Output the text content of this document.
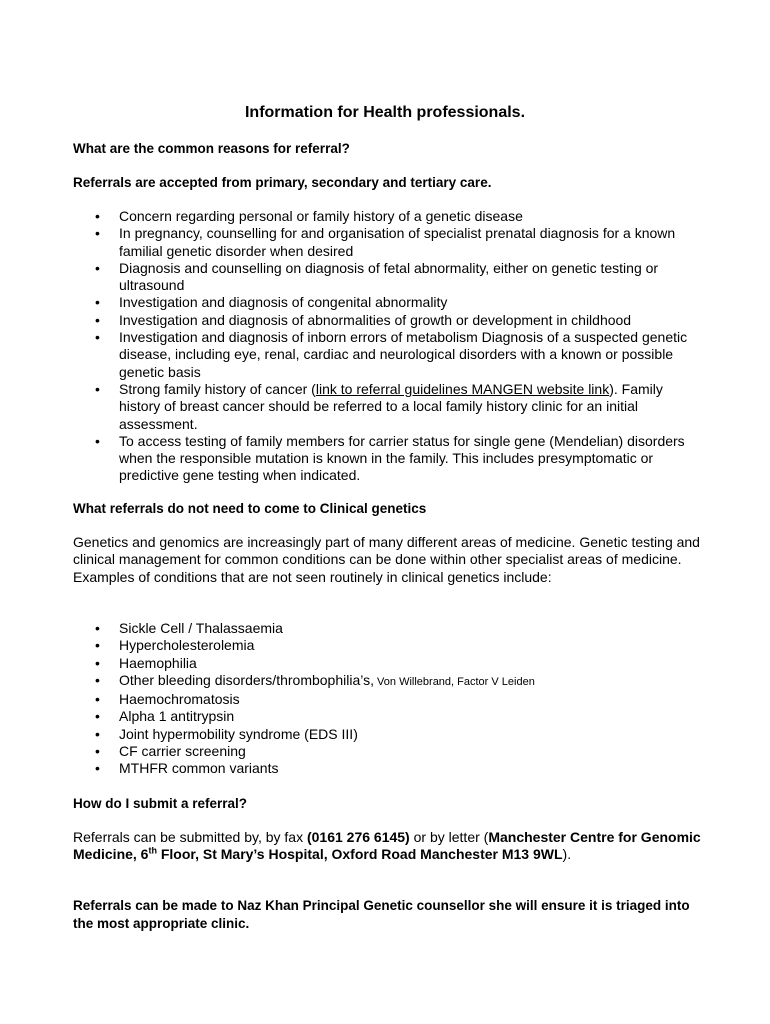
Information for Health professionals.
What are the common reasons for referral?
Referrals are accepted from primary, secondary and tertiary care.
• Concern regarding personal or family history of a genetic disease
• In pregnancy, counselling for and organisation of specialist prenatal diagnosis for a known familial genetic disorder when desired
• Diagnosis and counselling on diagnosis of fetal abnormality, either on genetic testing or ultrasound
• Investigation and diagnosis of congenital abnormality
• Investigation and diagnosis of abnormalities of growth or development in childhood
• Investigation and diagnosis of inborn errors of metabolism Diagnosis of a suspected genetic disease, including eye, renal, cardiac and neurological disorders with a known or possible genetic basis
• Strong family history of cancer (link to referral guidelines MANGEN website link). Family history of breast cancer should be referred to a local family history clinic for an initial assessment.
• To access testing of family members for carrier status for single gene (Mendelian) disorders when the responsible mutation is known in the family. This includes presymptomatic or predictive gene testing when indicated.
What referrals do not need to come to Clinical genetics
Genetics and genomics are increasingly part of many different areas of medicine. Genetic testing and clinical management for common conditions can be done within other specialist areas of medicine. Examples of conditions that are not seen routinely in clinical genetics include:
• Sickle Cell / Thalassaemia
• Hypercholesterolemia
• Haemophilia
• Other bleeding disorders/thrombophilia’s, Von Willebrand, Factor V Leiden
• Haemochromatosis
• Alpha 1 antitrypsin
• Joint hypermobility syndrome (EDS III)
• CF carrier screening
• MTHFR common variants
How do I submit a referral?
Referrals can be submitted by, by fax (0161 276 6145) or by letter (Manchester Centre for Genomic Medicine, 6th Floor, St Mary’s Hospital, Oxford Road Manchester M13 9WL).
Referrals can be made to Naz Khan Principal Genetic counsellor she will ensure it is triaged into the most appropriate clinic.
